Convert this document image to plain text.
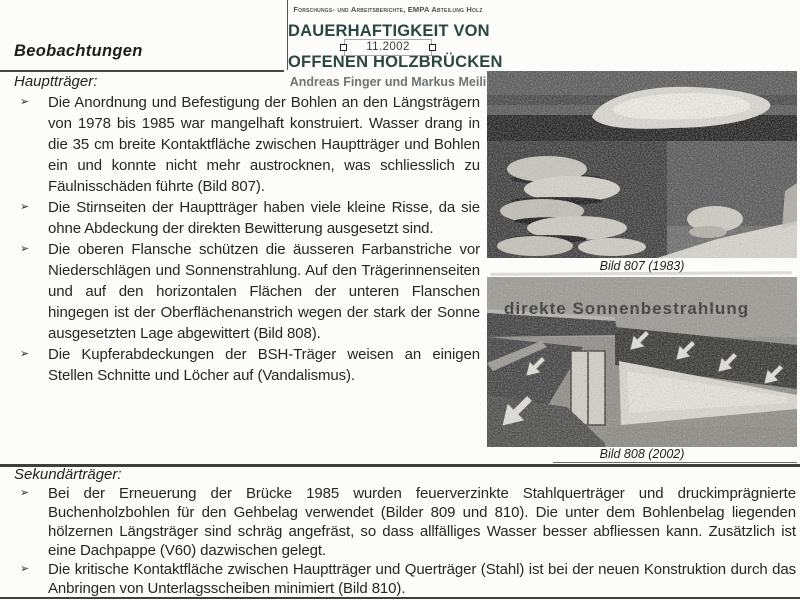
Forschungs- und Arbeitsberichte, EMPA Abteilung Holz
DAUERHAFTIGKEIT VON
OFFENEN HOLZBRÜCKEN
Andreas Finger und Markus Meili
11.2002
Beobachtungen
Hauptträger:
➢	Die Anordnung und Befestigung der Bohlen an den Längsträgern von 1978 bis 1985 war mangelhaft konstruiert. Wasser drang in die 35 cm breite Kontaktfläche zwischen Hauptträger und Bohlen ein und konnte nicht mehr austrocknen, was schliesslich zu Fäulnisschäden führte (Bild 807).
➢	Die Stirnseiten der Hauptträger haben viele kleine Risse, da sie ohne Abdeckung der direkten Bewitterung ausgesetzt sind.
➢	Die oberen Flansche schützen die äusseren Farbanstriche vor Niederschlägen und Sonnenstrahlung. Auf den Trägerinnenseiten und auf den horizontalen Flächen der unteren Flanschen hingegen ist der Oberflächenanstrich wegen der stark der Sonne ausgesetzten Lage abgewittert (Bild 808).
➢	Die Kupferabdeckungen der BSH-Träger weisen an einigen Stellen Schnitte und Löcher auf (Vandalismus).
Bild 807 (1983)
Bild 808 (2002)
Sekundärträger:
➢	Bei der Erneuerung der Brücke 1985 wurden feuerverzinkte Stahlquerträger und druckimprägnierte Buchenholzbohlen für den Gehbelag verwendet (Bilder 809 und 810). Die unter dem Bohlenbelag liegenden hölzernen Längsträger sind schräg angefräst, so dass allfälliges Wasser besser abfliessen kann. Zusätzlich ist eine Dachpappe (V60) dazwischen gelegt.
➢	Die kritische Kontaktfläche zwischen Hauptträger und Querträger (Stahl) ist bei der neuen Konstruktion durch das Anbringen von Unterlagsscheiben minimiert (Bild 810).
